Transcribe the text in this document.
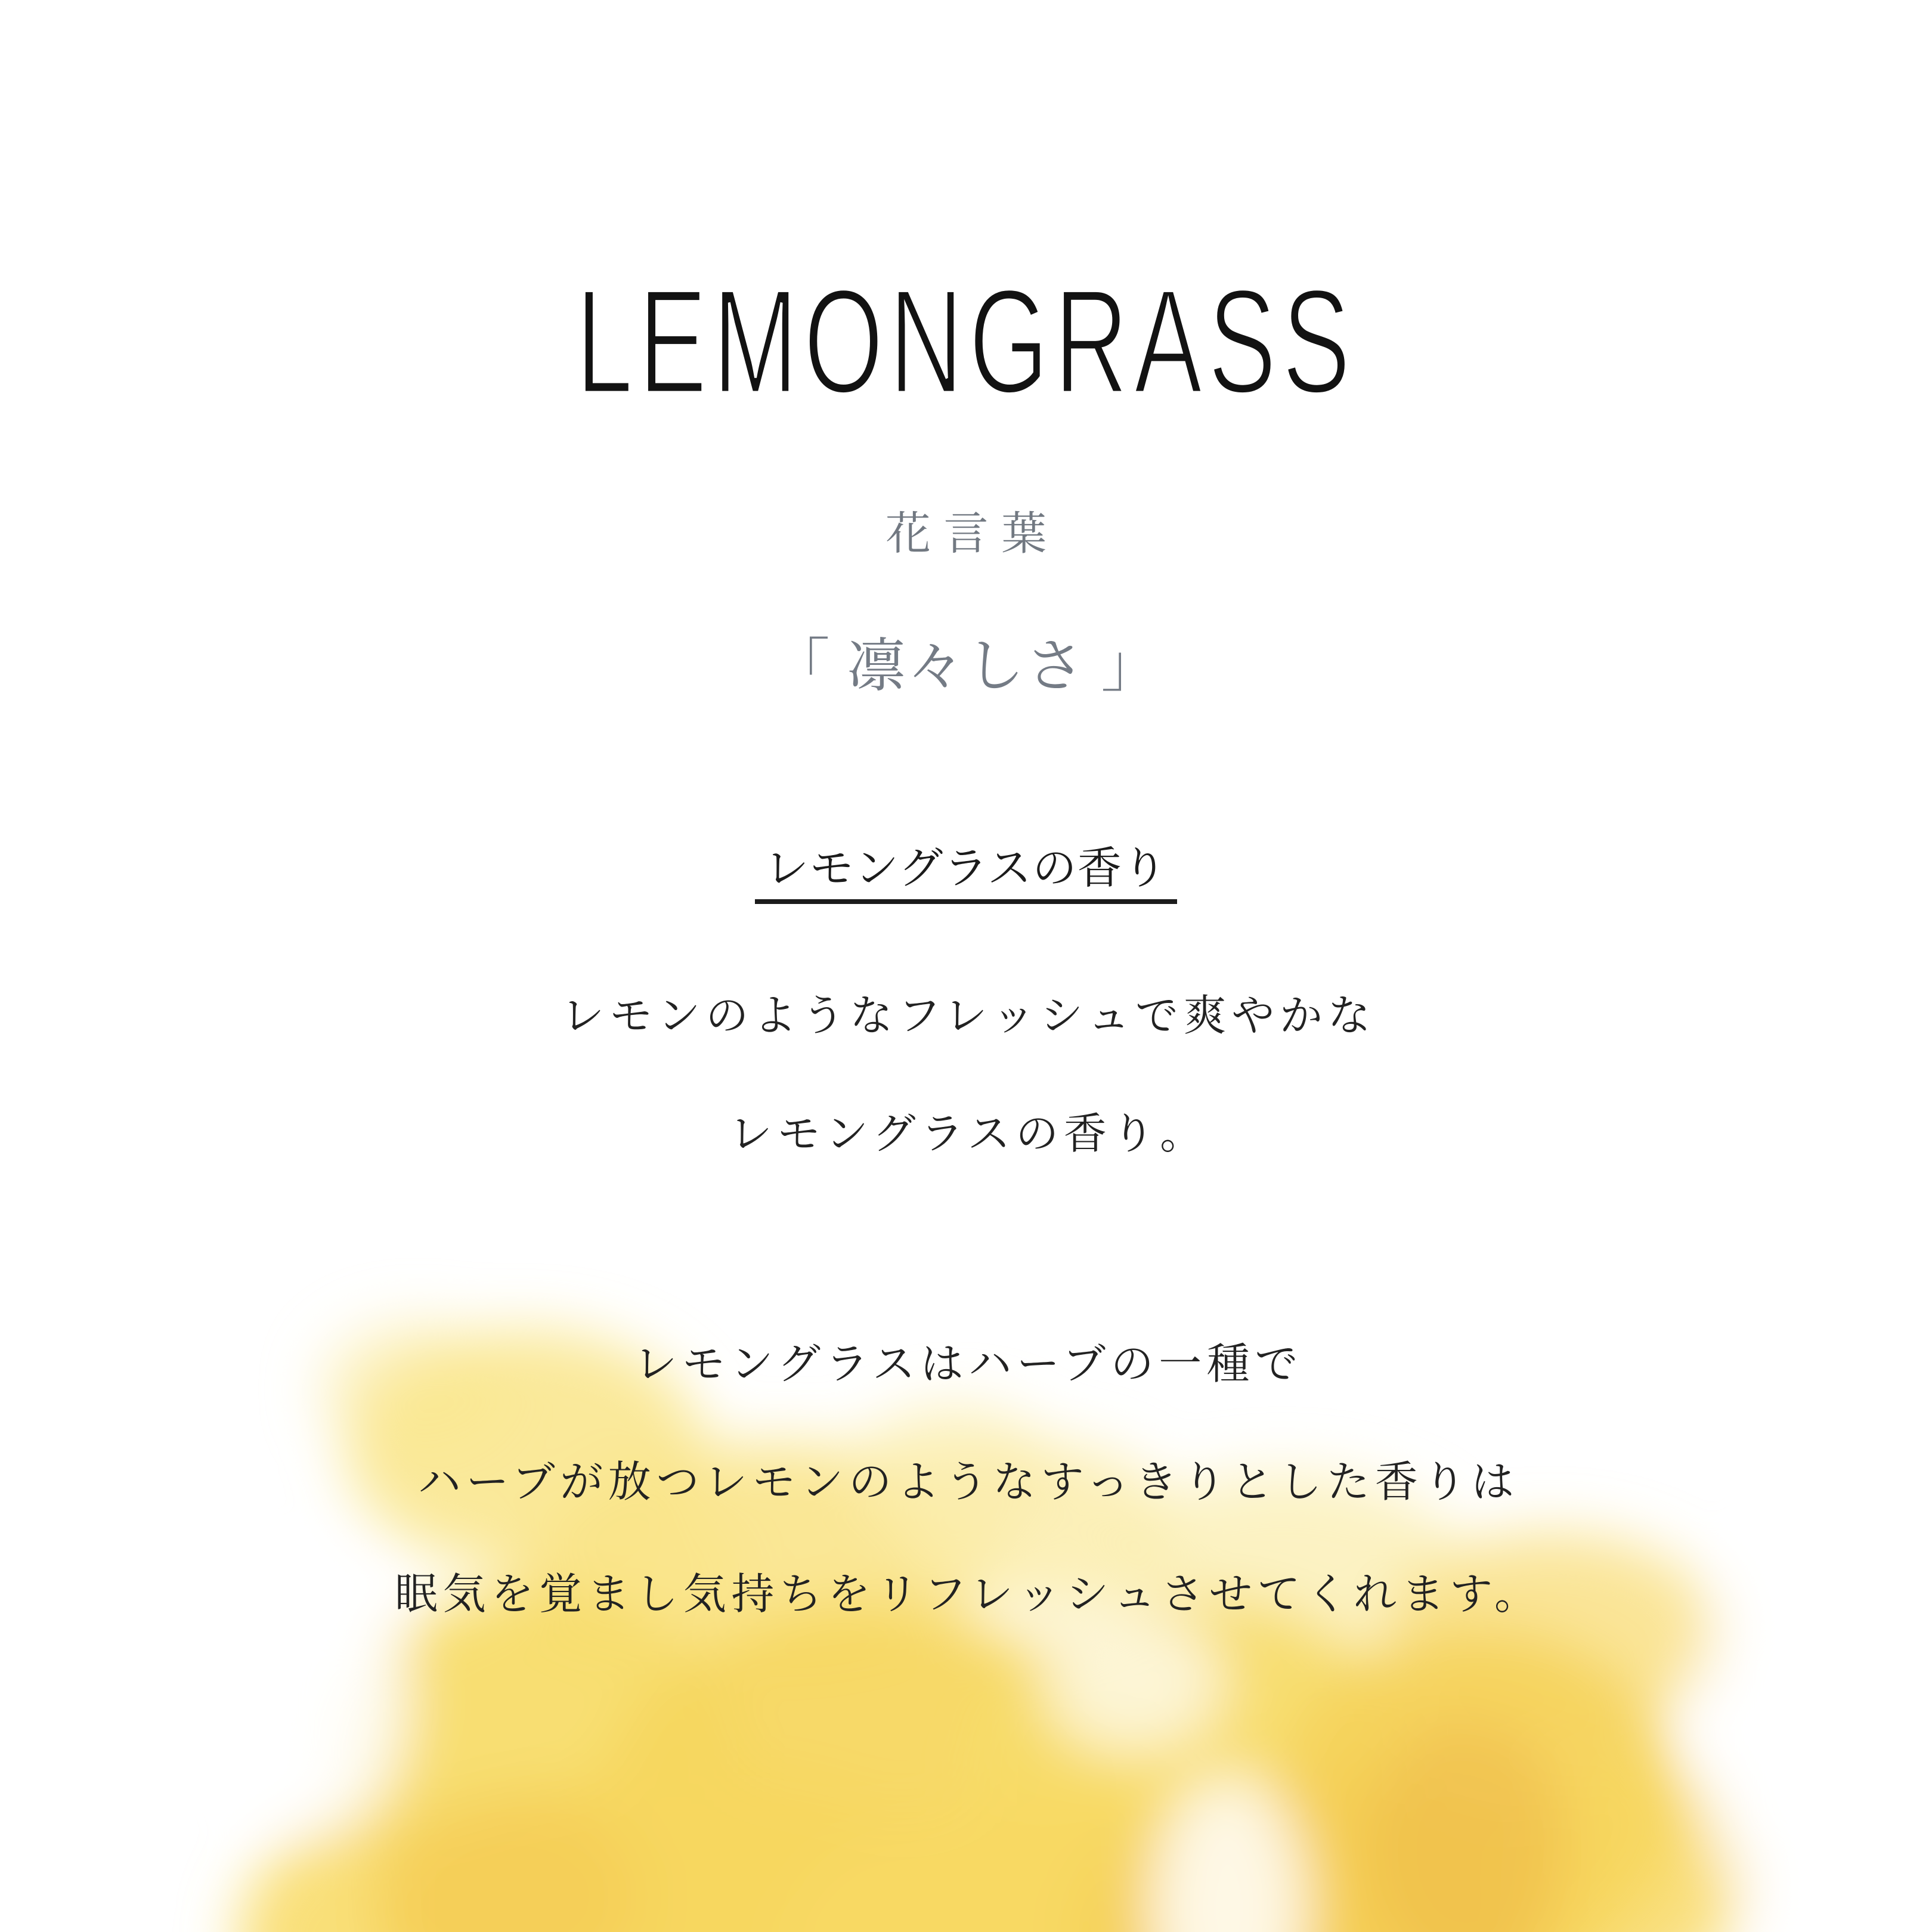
LEMONGRASS
花言葉
「 凛々しさ 」
レモングラスの香り
レモンのようなフレッシュで爽やかな
レモングラスの香り。
レモングラスはハーブの一種で
ハーブが放つレモンのようなすっきりとした香りは
眠気を覚まし気持ちをリフレッシュさせてくれます。
